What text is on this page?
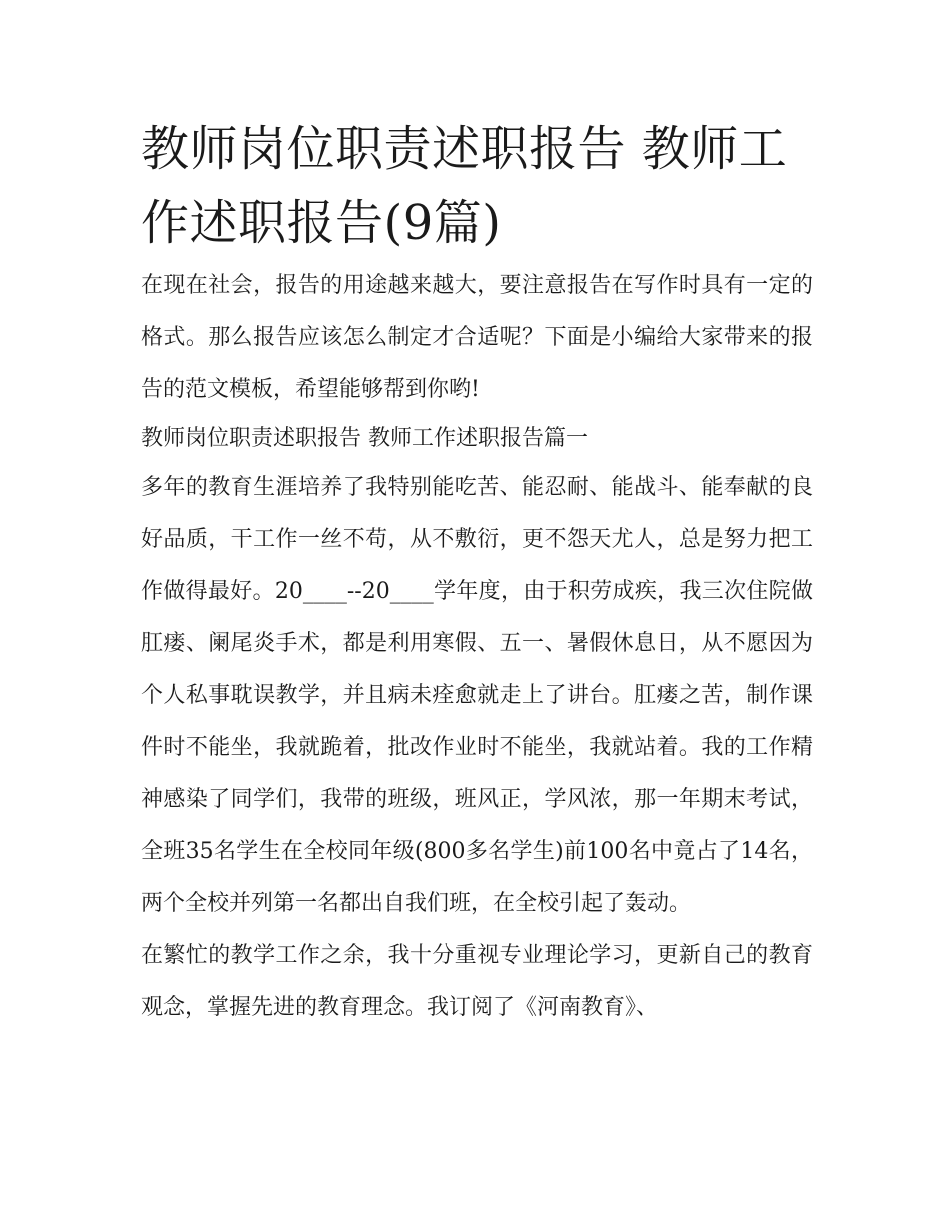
教师岗位职责述职报告 教师工作述职报告(9篇)

在现在社会，报告的用途越来越大，要注意报告在写作时具有一定的格式。那么报告应该怎么制定才合适呢？下面是小编给大家带来的报告的范文模板，希望能够帮到你哟!

教师岗位职责述职报告 教师工作述职报告篇一

多年的教育生涯培养了我特别能吃苦、能忍耐、能战斗、能奉献的良好品质，干工作一丝不苟，从不敷衍，更不怨天尤人，总是努力把工作做得最好。20____--20____学年度，由于积劳成疾，我三次住院做肛瘘、阑尾炎手术，都是利用寒假、五一、暑假休息日，从不愿因为个人私事耽误教学，并且病未痊愈就走上了讲台。肛瘘之苦，制作课件时不能坐，我就跪着，批改作业时不能坐，我就站着。我的工作精神感染了同学们，我带的班级，班风正，学风浓，那一年期末考试，全班35名学生在全校同年级(800多名学生)前100名中竟占了14名，两个全校并列第一名都出自我们班，在全校引起了轰动。

在繁忙的教学工作之余，我十分重视专业理论学习，更新自己的教育观念，掌握先进的教育理念。我订阅了《河南教育》、
